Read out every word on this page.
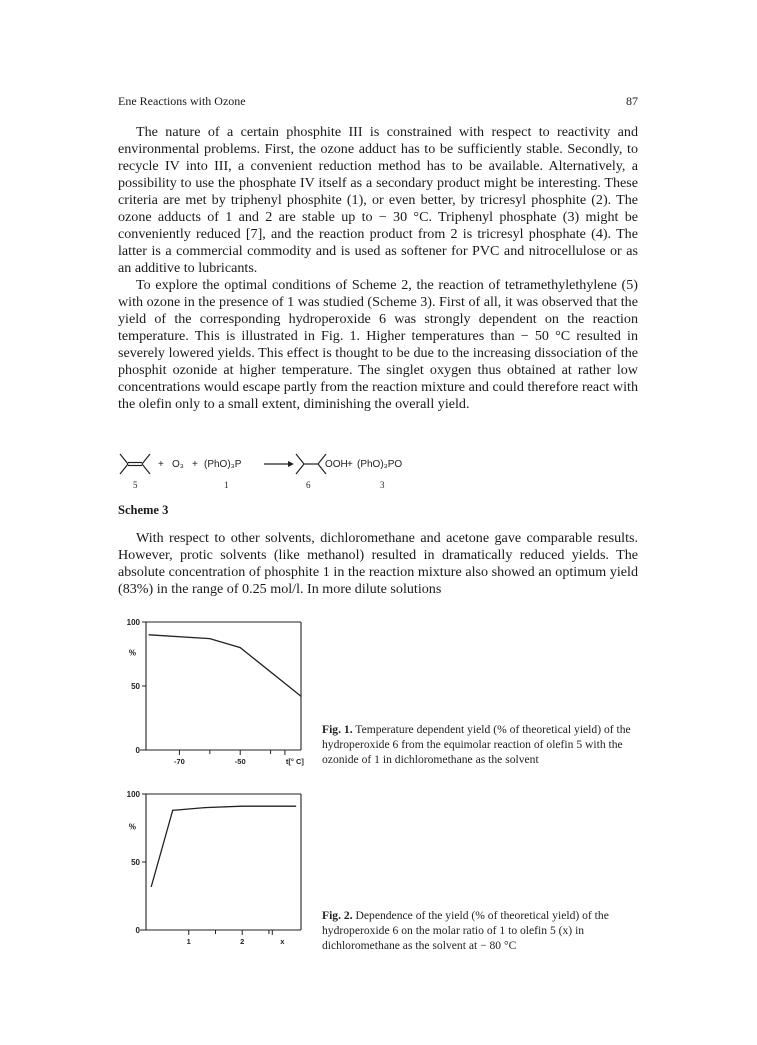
Ene Reactions with Ozone	87

The nature of a certain phosphite III is constrained with respect to reactivity and environmental problems. First, the ozone adduct has to be sufficiently stable. Secondly, to recycle IV into III, a convenient reduction method has to be available. Alternatively, a possibility to use the phosphate IV itself as a secondary product might be interesting. These criteria are met by triphenyl phosphite (1), or even better, by tricresyl phosphite (2). The ozone adducts of 1 and 2 are stable up to − 30 °C. Triphenyl phosphate (3) might be conveniently reduced [7], and the reaction product from 2 is tricresyl phosphate (4). The latter is a commercial commodity and is used as softener for PVC and nitrocellulose or as an additive to lubricants.

To explore the optimal conditions of Scheme 2, the reaction of tetramethylethylene (5) with ozone in the presence of 1 was studied (Scheme 3). First of all, it was observed that the yield of the corresponding hydroperoxide 6 was strongly dependent on the reaction temperature. This is illustrated in Fig. 1. Higher temperatures than − 50 °C resulted in severely lowered yields. This effect is thought to be due to the increasing dissociation of the phosphit ozonide at higher temperature. The singlet oxygen thus obtained at rather low concentrations would escape partly from the reaction mixture and could therefore react with the olefin only to a small extent, diminishing the overall yield.

+ O₃ + (PhO)₃P	OOH + (PhO)₃PO
5	1	6	3
Scheme 3

With respect to other solvents, dichloromethane and acetone gave comparable results. However, protic solvents (like methanol) resulted in dramatically reduced yields. The absolute concentration of phosphite 1 in the reaction mixture also showed an optimum yield (83%) in the range of 0.25 mol/l. In more dilute solutions

100
50
0
%
-70	-50	t[° C]
Fig. 1. Temperature dependent yield (% of theoretical yield) of the hydroperoxide 6 from the equimolar reaction of olefin 5 with the ozonide of 1 in dichloromethane as the solvent
100
50
0
%
1	2	x
Fig. 2. Dependence of the yield (% of theoretical yield) of the hydroperoxide 6 on the molar ratio of 1 to olefin 5 (x) in dichloromethane as the solvent at − 80 °C
